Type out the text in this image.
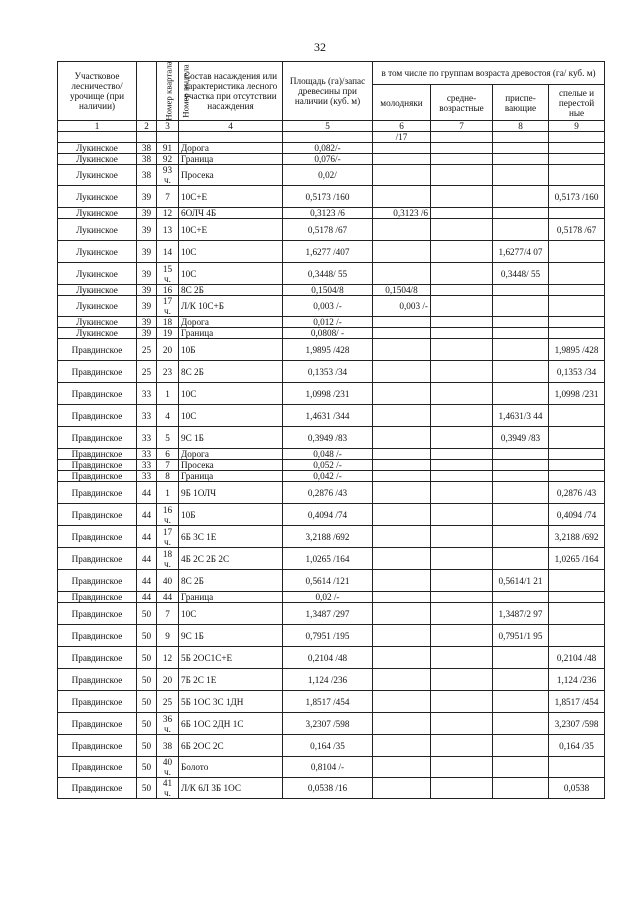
32
Участковое лесничество/ урочище (при наличии)	Номер квартала	Номер выдела	Состав насаждения или характеристика лесного участка при отсутствии насаждения	Площадь (га)/запас древесины при наличии (куб. м)	в том числе по группам возраста древостоя (га/ куб. м)			
					молодняки	средне-возрастные	приспе-вающие	спелые и перестой ные
1	2	3	4	5	6	7	8	9
					/17			
Лукинское	38	91	Дорога	0,082/-				
Лукинское	38	92	Граница	0,076/-				
Лукинское	38	93 ч.	Просека	0,02/				
Лукинское	39	7	10С+Е	0,5173 /160				0,5173 /160
Лукинское	39	12	6ОЛЧ 4Б	0,3123 /6	0,3123 /6			
Лукинское	39	13	10С+Е	0,5178 /67				0,5178 /67
Лукинское	39	14	10С	1,6277 /407			1,6277/4 07	
Лукинское	39	15 ч.	10С	0,3448/ 55			0,3448/ 55	
Лукинское	39	16	8С 2Б	0,1504/8	0,1504/8			
Лукинское	39	17 ч.	Л/К 10С+Б	0,003 /-	0,003 /-			
Лукинское	39	18	Дорога	0,012 /-				
Лукинское	39	19	Граница	0,0808/ -				
Правдинское	25	20	10Б	1,9895 /428				1,9895 /428
Правдинское	25	23	8С 2Б	0,1353 /34				0,1353 /34
Правдинское	33	1	10С	1,0998 /231				1,0998 /231
Правдинское	33	4	10С	1,4631 /344			1,4631/3 44	
Правдинское	33	5	9С 1Б	0,3949 /83			0,3949 /83	
Правдинское	33	6	Дорога	0,048 /-				
Правдинское	33	7	Просека	0,052 /-				
Правдинское	33	8	Граница	0,042 /-				
Правдинское	44	1	9Б 1ОЛЧ	0,2876 /43				0,2876 /43
Правдинское	44	16 ч.	10Б	0,4094 /74				0,4094 /74
Правдинское	44	17 ч.	6Б 3С 1Е	3,2188 /692				3,2188 /692
Правдинское	44	18 ч.	4Б 2С 2Б 2С	1,0265 /164				1,0265 /164
Правдинское	44	40	8С 2Б	0,5614 /121			0,5614/1 21	
Правдинское	44	44	Граница	0,02 /-				
Правдинское	50	7	10С	1,3487 /297			1,3487/2 97	
Правдинское	50	9	9С 1Б	0,7951 /195			0,7951/1 95	
Правдинское	50	12	5Б 2ОС1С+Е	0,2104 /48				0,2104 /48
Правдинское	50	20	7Б 2С 1Е	1,124 /236				1,124 /236
Правдинское	50	25	5Б 1ОС 3С 1ДН	1,8517 /454				1,8517 /454
Правдинское	50	36 ч.	6Б 1ОС 2ДН 1С	3,2307 /598				3,2307 /598
Правдинское	50	38	6Б 2ОС 2С	0,164 /35				0,164 /35
Правдинское	50	40 ч.	Болото	0,8104 /-				
Правдинское	50	41 ч.	Л/К 6Л 3Б 1ОС	0,0538 /16				0,0538
